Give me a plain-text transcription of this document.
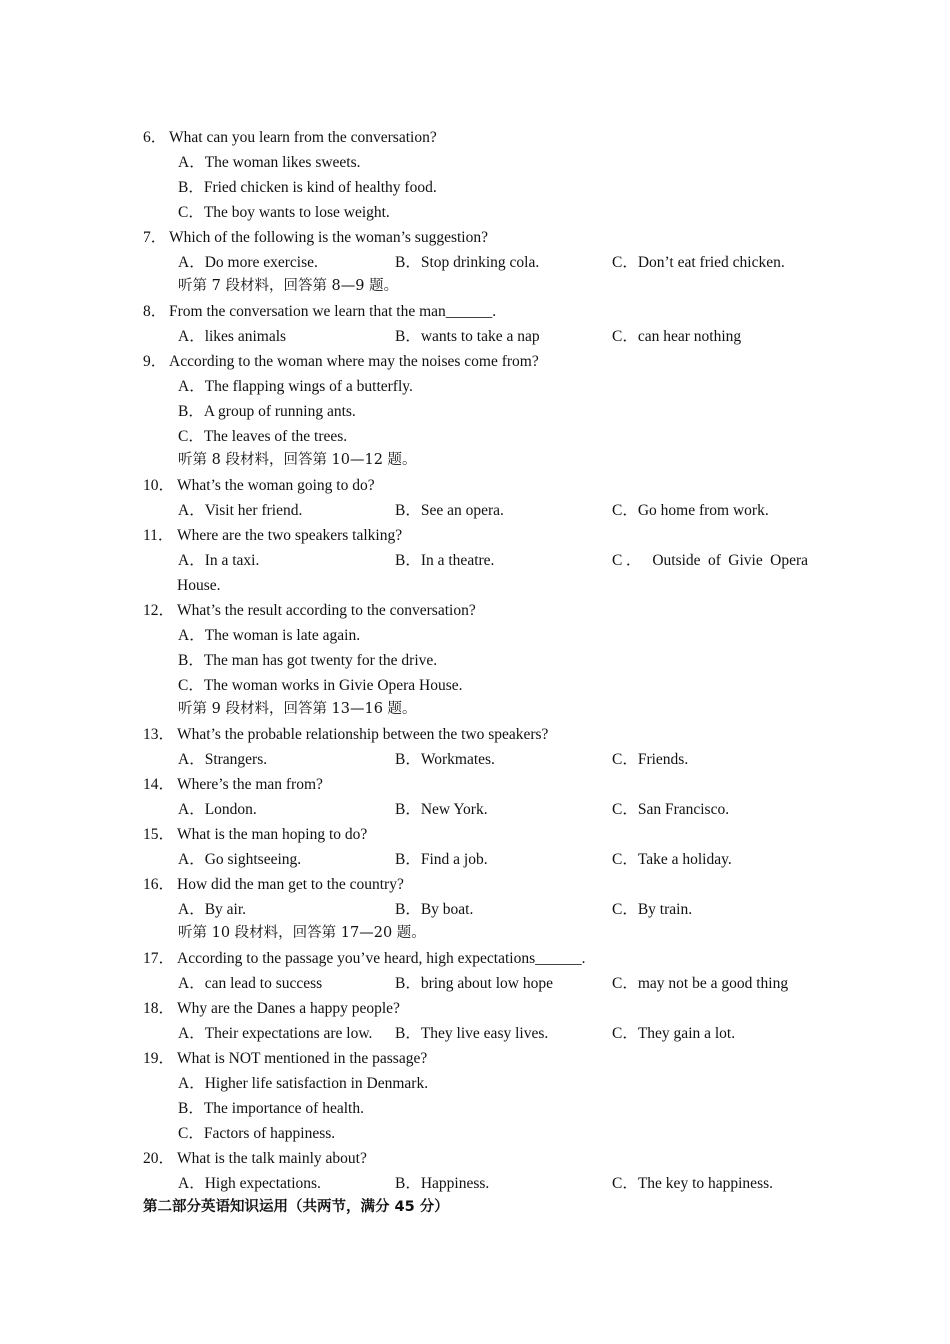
6． What can you learn from the conversation?
A．The woman likes sweets.
B．Fried chicken is kind of healthy food.
C．The boy wants to lose weight.
7． Which of the following is the woman’s suggestion?
A．Do more exercise.	B．Stop drinking cola.	C．Don’t eat fried chicken.
听第 7 段材料，回答第 8—9 题。
8． From the conversation we learn that the man______.
A．likes animals	B．wants to take a nap	C．can hear nothing
9． According to the woman where may the noises come from?
A．The flapping wings of a butterfly.
B．A group of running ants.
C．The leaves of the trees.
听第 8 段材料，回答第 10—12 题。
10． What’s the woman going to do?
A．Visit her friend.	B．See an opera.	C．Go home from work.
11． Where are the two speakers talking?
A．In a taxi.	B．In a theatre.	C． Outside of Givie Opera
House.
12． What’s the result according to the conversation?
A．The woman is late again.
B．The man has got twenty for the drive.
C．The woman works in Givie Opera House.
听第 9 段材料，回答第 13—16 题。
13． What’s the probable relationship between the two speakers?
A．Strangers.	B．Workmates.	C．Friends.
14． Where’s the man from?
A．London.	B．New York.	C．San Francisco.
15． What is the man hoping to do?
A．Go sightseeing.	B．Find a job.	C．Take a holiday.
16． How did the man get to the country?
A．By air.	B．By boat.	C．By train.
听第 10 段材料，回答第 17—20 题。
17． According to the passage you’ve heard, high expectations______.
A．can lead to success	B．bring about low hope	C．may not be a good thing
18． Why are the Danes a happy people?
A．Their expectations are low. B．They live easy lives.	C．They gain a lot.
19． What is NOT mentioned in the passage?
A．Higher life satisfaction in Denmark.
B．The importance of health.
C．Factors of happiness.
20． What is the talk mainly about?
A．High expectations.	B．Happiness.	C．The key to happiness.
第二部分英语知识运用（共两节，满分 45 分）
